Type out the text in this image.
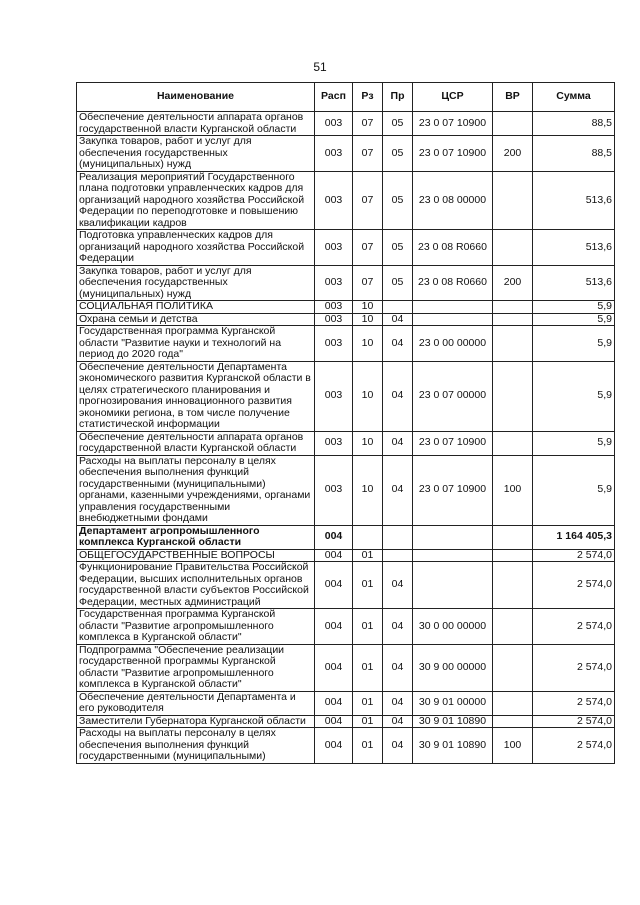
51
Наименование	Расп	Рз	Пр	ЦСР	ВР	Сумма
Обеспечение деятельности аппарата органов государственной власти Курганской области	003	07	05	23 0 07 10900		88,5
Закупка товаров, работ и услуг для обеспечения государственных (муниципальных) нужд	003	07	05	23 0 07 10900	200	88,5
Реализация мероприятий Государственного плана подготовки управленческих кадров для организаций народного хозяйства Российской Федерации по переподготовке и повышению квалификации кадров	003	07	05	23 0 08 00000		513,6
Подготовка управленческих кадров для организаций народного хозяйства Российской Федерации	003	07	05	23 0 08 R0660		513,6
Закупка товаров, работ и услуг для обеспечения государственных (муниципальных) нужд	003	07	05	23 0 08 R0660	200	513,6
СОЦИАЛЬНАЯ ПОЛИТИКА	003	10				5,9
Охрана семьи и детства	003	10	04			5,9
Государственная программа Курганской области "Развитие науки и технологий на период до 2020 года"	003	10	04	23 0 00 00000		5,9
Обеспечение деятельности Департамента экономического развития Курганской области в целях стратегического планирования и прогнозирования инновационного развития экономики региона, в том числе получение статистической информации	003	10	04	23 0 07 00000		5,9
Обеспечение деятельности аппарата органов государственной власти Курганской области	003	10	04	23 0 07 10900		5,9
Расходы на выплаты персоналу в целях обеспечения выполнения функций государственными (муниципальными) органами, казенными учреждениями, органами управления государственными внебюджетными фондами	003	10	04	23 0 07 10900	100	5,9
Департамент агропромышленного комплекса Курганской области	004					1 164 405,3
ОБЩЕГОСУДАРСТВЕННЫЕ ВОПРОСЫ	004	01				2 574,0
Функционирование Правительства Российской Федерации, высших исполнительных органов государственной власти субъектов Российской Федерации, местных администраций	004	01	04			2 574,0
Государственная программа Курганской области "Развитие агропромышленного комплекса в Курганской области"	004	01	04	30 0 00 00000		2 574,0
Подпрограмма "Обеспечение реализации государственной программы Курганской области "Развитие агропромышленного комплекса в Курганской области"	004	01	04	30 9 00 00000		2 574,0
Обеспечение деятельности Департамента и его руководителя	004	01	04	30 9 01 00000		2 574,0
Заместители Губернатора Курганской области	004	01	04	30 9 01 10890		2 574,0
Расходы на выплаты персоналу в целях обеспечения выполнения функций государственными (муниципальными)	004	01	04	30 9 01 10890	100	2 574,0
